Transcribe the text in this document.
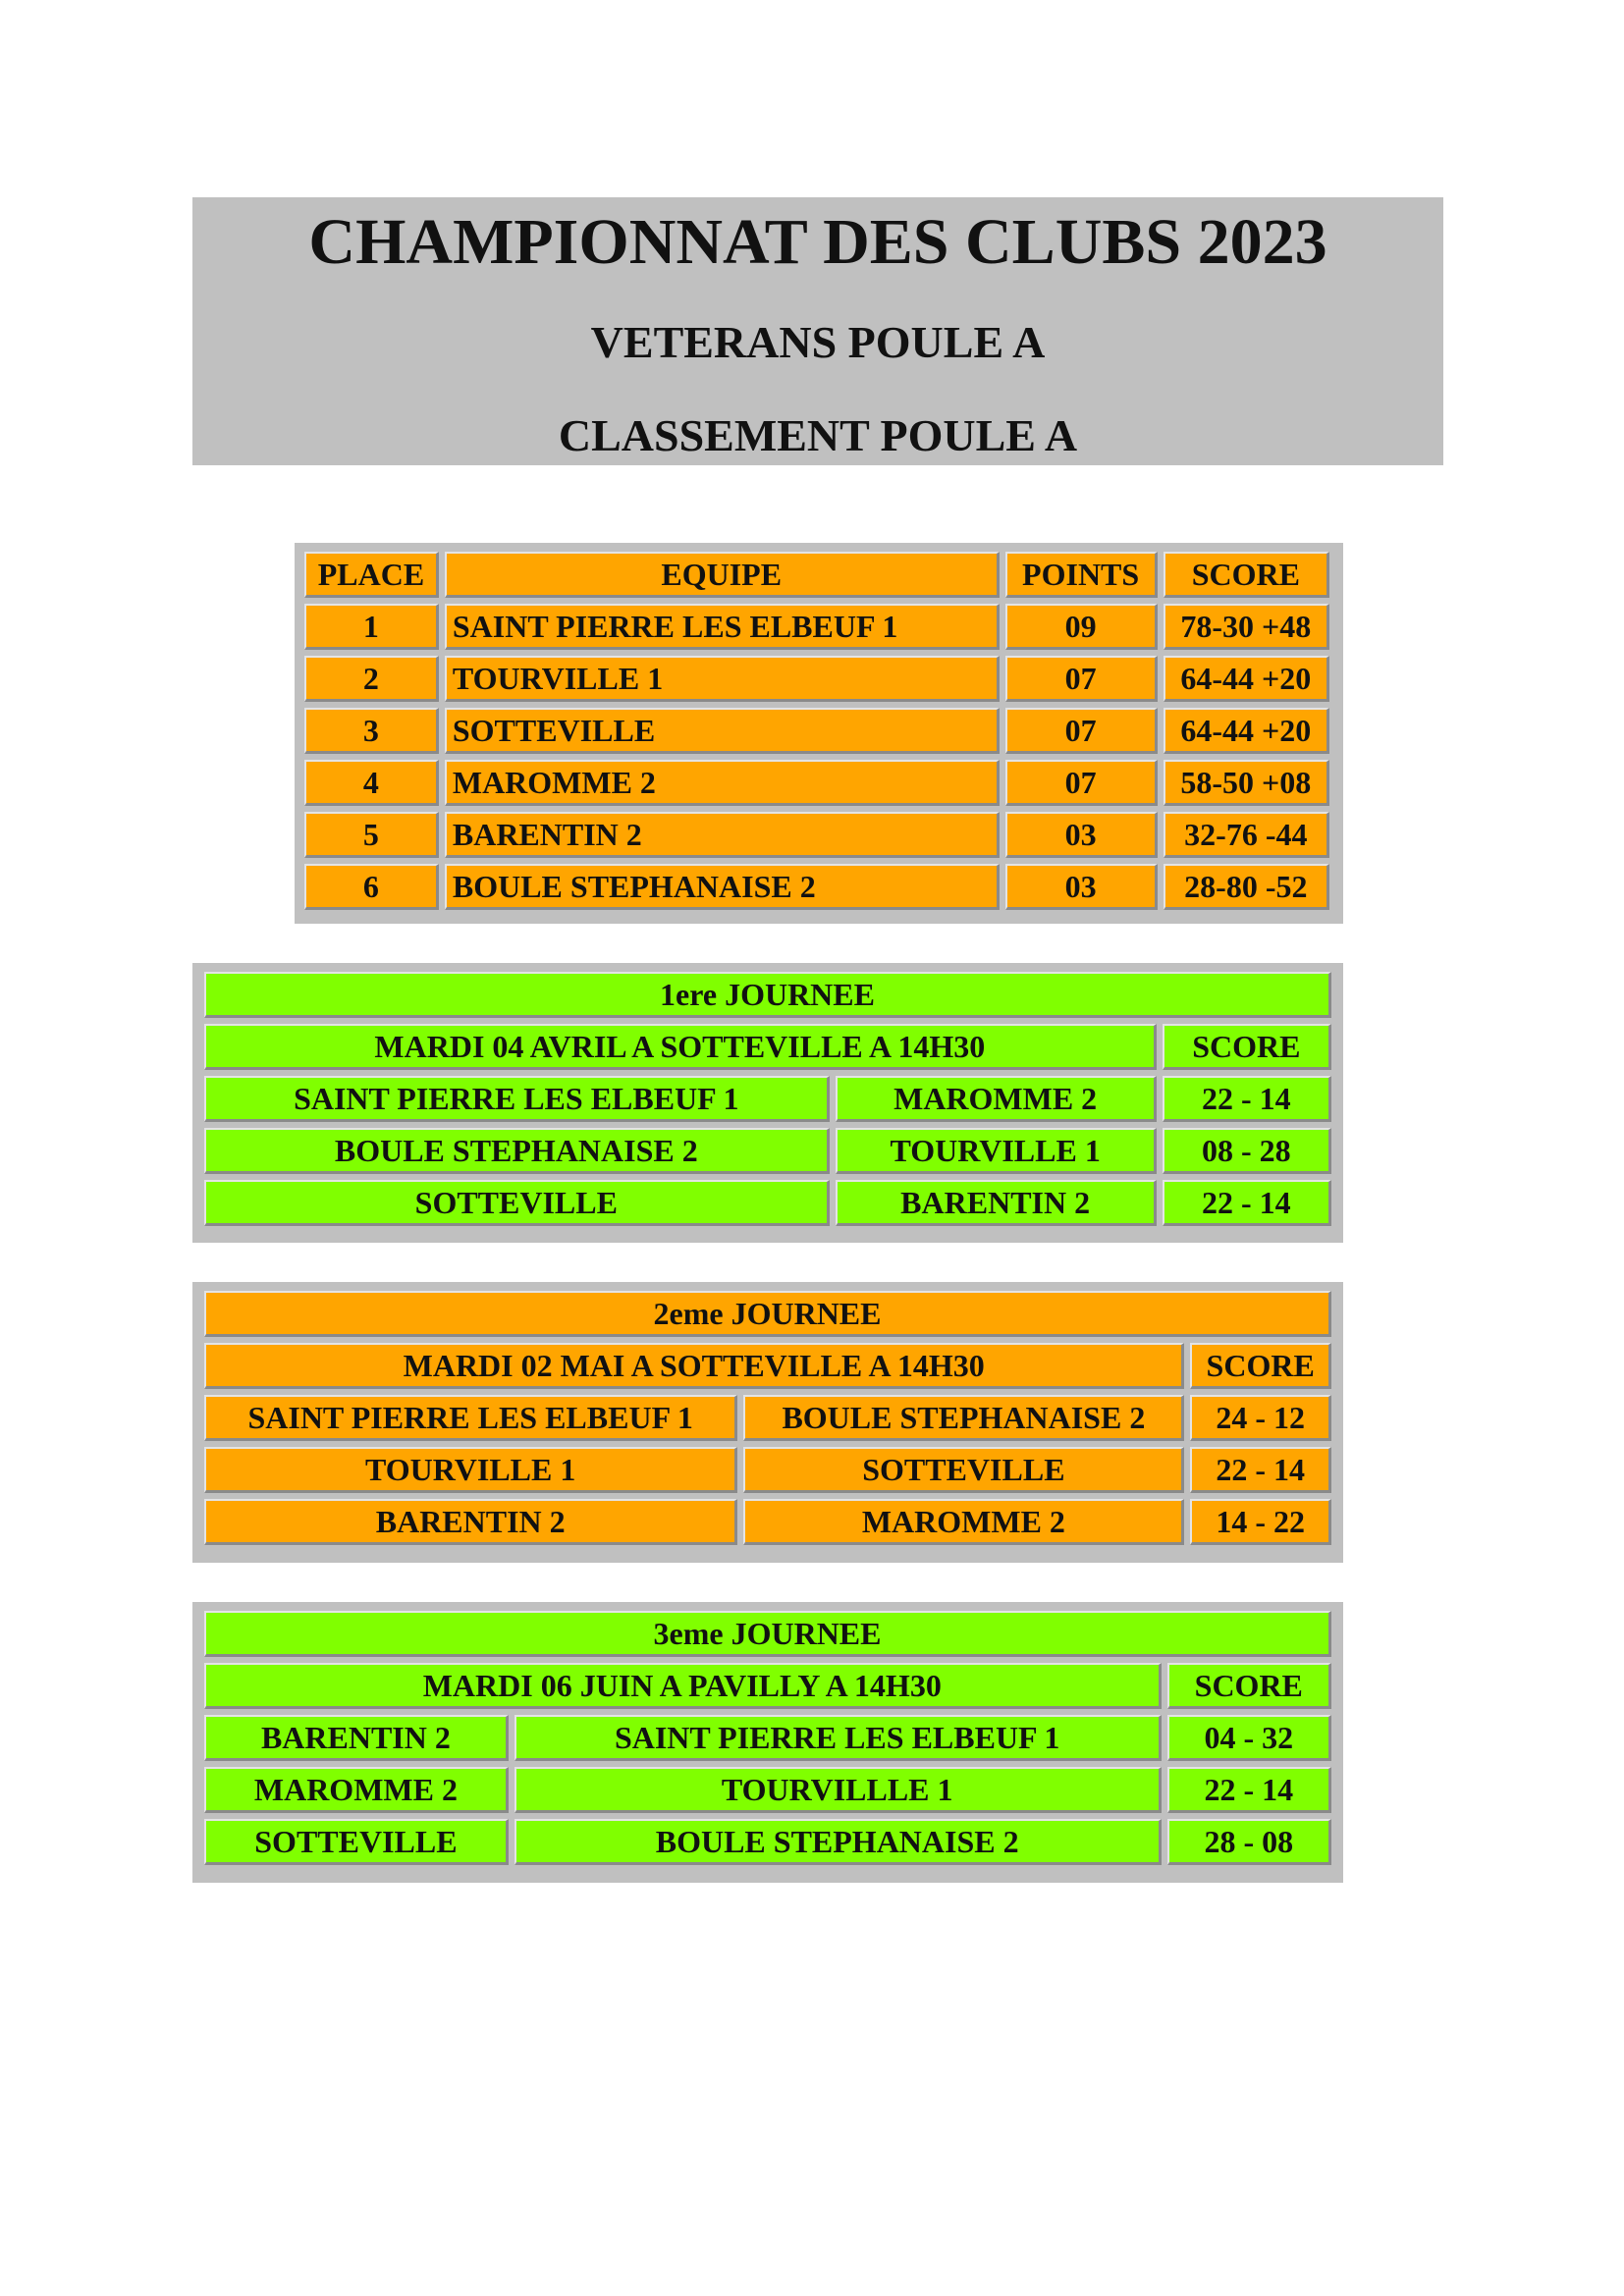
CHAMPIONNAT DES CLUBS 2023
VETERANS POULE A
CLASSEMENT POULE A
PLACE	EQUIPE	POINTS	SCORE
1	SAINT PIERRE LES ELBEUF 1	09	78-30 +48
2	TOURVILLE 1	07	64-44 +20
3	SOTTEVILLE	07	64-44 +20
4	MAROMME 2	07	58-50 +08
5	BARENTIN 2	03	32-76 -44
6	BOULE STEPHANAISE 2	03	28-80 -52
1ere JOURNEE		
MARDI 04 AVRIL A SOTTEVILLE A 14H30		SCORE
SAINT PIERRE LES ELBEUF 1	MAROMME 2	22 - 14
BOULE STEPHANAISE 2	TOURVILLE 1	08 - 28
SOTTEVILLE	BARENTIN 2	22 - 14
2eme JOURNEE		
MARDI 02 MAI A SOTTEVILLE A 14H30		SCORE
SAINT PIERRE LES ELBEUF 1	BOULE STEPHANAISE 2	24 - 12
TOURVILLE 1	SOTTEVILLE	22 - 14
BARENTIN 2	MAROMME 2	14 - 22
3eme JOURNEE		
MARDI 06 JUIN A PAVILLY A 14H30		SCORE
BARENTIN 2	SAINT PIERRE LES ELBEUF 1	04 - 32
MAROMME 2	TOURVILLLE 1	22 - 14
SOTTEVILLE	BOULE STEPHANAISE 2	28 - 08
